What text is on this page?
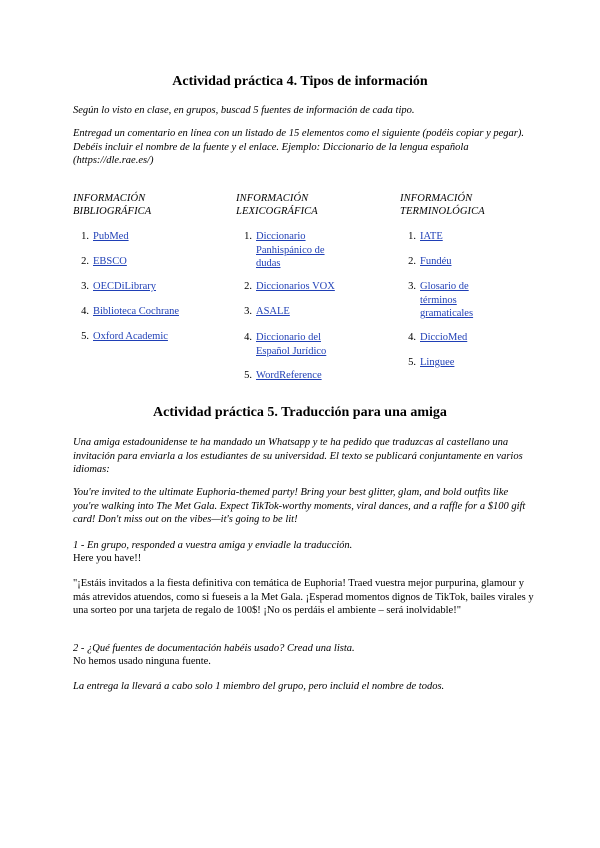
Actividad práctica 4. Tipos de información
Según lo visto en clase, en grupos, buscad 5 fuentes de información de cada tipo.
Entregad un comentario en línea con un listado de 15 elementos como el siguiente (podéis copiar y pegar). Debéis incluir el nombre de la fuente y el enlace. Ejemplo: Diccionario de la lengua española (https://dle.rae.es/)
INFORMACIÓN BIBLIOGRÁFICA
1. PubMed
2. EBSCO
3. OECDiLibrary
4. Biblioteca Cochrane
5. Oxford Academic
INFORMACIÓN LEXICOGRÁFICA
1. Diccionario Panhispánico de dudas
2. Diccionarios VOX
3. ASALE
4. Diccionario del Español Jurídico
5. WordReference
INFORMACIÓN TERMINOLÓGICA
1. IATE
2. Fundéu
3. Glosario de términos gramaticales
4. DiccioMed
5. Linguee
Actividad práctica 5. Traducción para una amiga
Una amiga estadounidense te ha mandado un Whatsapp y te ha pedido que traduzcas al castellano una invitación para enviarla a los estudiantes de su universidad. El texto se publicará conjuntamente en varios idiomas:
You're invited to the ultimate Euphoria-themed party! Bring your best glitter, glam, and bold outfits like you're walking into The Met Gala. Expect TikTok-worthy moments, viral dances, and a raffle for a $100 gift card! Don't miss out on the vibes—it's going to be lit!
1 - En grupo, responded a vuestra amiga y enviadle la traducción.
Here you have!!
"¡Estáis invitados a la fiesta definitiva con temática de Euphoria! Traed vuestra mejor purpurina, glamour y más atrevidos atuendos, como si fueseis a la Met Gala. ¡Esperad momentos dignos de TikTok, bailes virales y una sorteo por una tarjeta de regalo de 100$! ¡No os perdáis el ambiente – será inolvidable!"
2 - ¿Qué fuentes de documentación habéis usado? Cread una lista.
No hemos usado ninguna fuente.
La entrega la llevará a cabo solo 1 miembro del grupo, pero incluid el nombre de todos.
